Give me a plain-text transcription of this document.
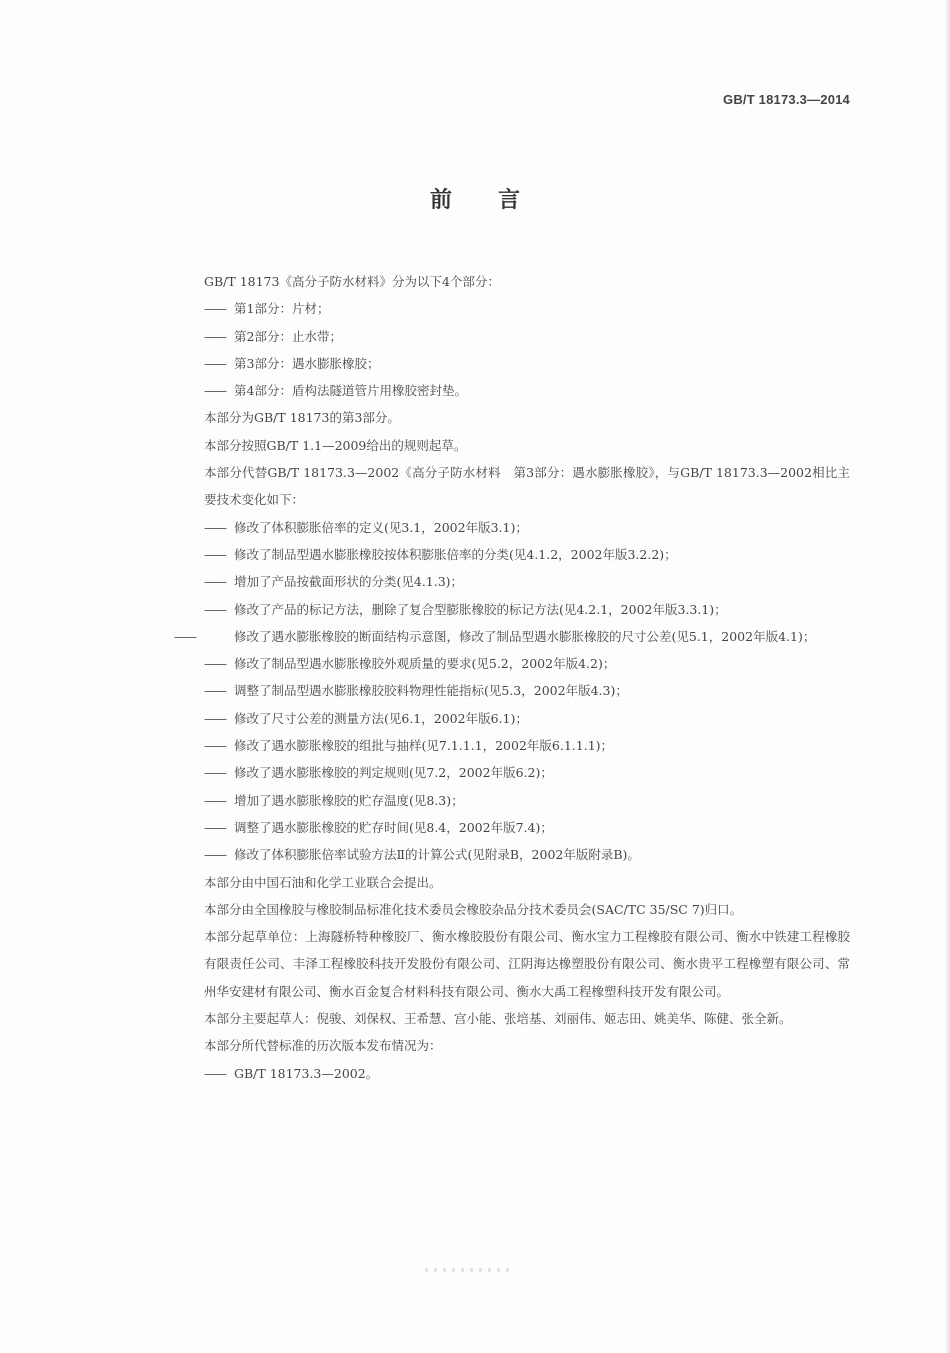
GB/T 18173.3—2014
前言

GB/T 18173《高分子防水材料》分为以下4个部分：

—— 第1部分：片材；

—— 第2部分：止水带；

—— 第3部分：遇水膨胀橡胶；

—— 第4部分：盾构法隧道管片用橡胶密封垫。

本部分为GB/T 18173的第3部分。

本部分按照GB/T 1.1—2009给出的规则起草。

本部分代替GB/T 18173.3—2002《高分子防水材料　第3部分：遇水膨胀橡胶》，与GB/T 18173.3—2002相比主要技术变化如下：

—— 修改了体积膨胀倍率的定义(见3.1，2002年版3.1)；

—— 修改了制品型遇水膨胀橡胶按体积膨胀倍率的分类(见4.1.2，2002年版3.2.2)；

—— 增加了产品按截面形状的分类(见4.1.3)；

—— 修改了产品的标记方法，删除了复合型膨胀橡胶的标记方法(见4.2.1，2002年版3.3.1)；

——	修改了遇水膨胀橡胶的断面结构示意图，修改了制品型遇水膨胀橡胶的尺寸公差(见5.1，2002年版4.1)；

—— 修改了制品型遇水膨胀橡胶外观质量的要求(见5.2，2002年版4.2)；

—— 调整了制品型遇水膨胀橡胶胶料物理性能指标(见5.3，2002年版4.3)；

—— 修改了尺寸公差的测量方法(见6.1，2002年版6.1)；

—— 修改了遇水膨胀橡胶的组批与抽样(见7.1.1.1，2002年版6.1.1.1)；

—— 修改了遇水膨胀橡胶的判定规则(见7.2，2002年版6.2)；

—— 增加了遇水膨胀橡胶的贮存温度(见8.3)；

—— 调整了遇水膨胀橡胶的贮存时间(见8.4，2002年版7.4)；

—— 修改了体积膨胀倍率试验方法Ⅱ的计算公式(见附录B，2002年版附录B)。

本部分由中国石油和化学工业联合会提出。

本部分由全国橡胶与橡胶制品标准化技术委员会橡胶杂品分技术委员会(SAC/TC 35/SC 7)归口。

本部分起草单位：上海隧桥特种橡胶厂、衡水橡胶股份有限公司、衡水宝力工程橡胶有限公司、衡水中铁建工程橡胶有限责任公司、丰泽工程橡胶科技开发股份有限公司、江阴海达橡塑股份有限公司、衡水贵平工程橡塑有限公司、常州华安建材有限公司、衡水百金复合材料科技有限公司、衡水大禹工程橡塑科技开发有限公司。

本部分主要起草人：倪骏、刘保权、王希慧、宫小能、张培基、刘丽伟、姬志田、姚美华、陈健、张全新。

本部分所代替标准的历次版本发布情况为：

—— GB/T 18173.3—2002。
